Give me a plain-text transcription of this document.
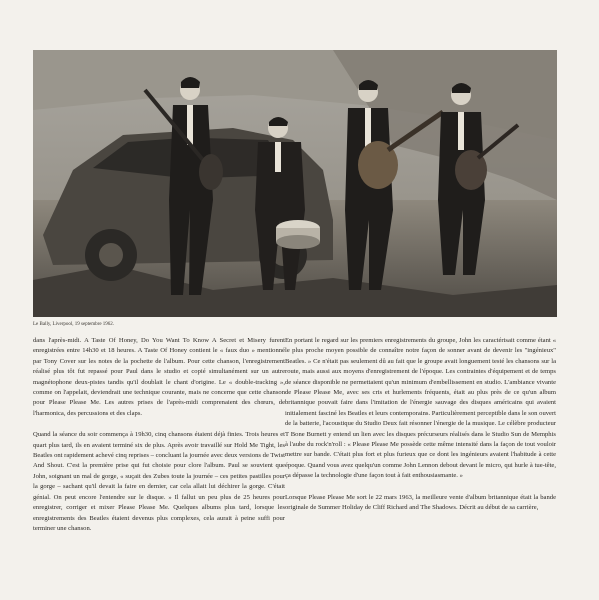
Le Bally, Liverpool, 19 septembre 1962.

dans l'après-midi. A Taste Of Honey, Do You Want To Know A Secret et Misery furent enregistrées entre 14h30 et 18 heures. A Taste Of Honey contient le « faux duo » mentionné par Tony Cover sur les notes de la pochette de l'album. Pour cette chanson, l'enregistrement réalisé plus tôt fut repassé pour Paul dans le studio et copié simultanément sur un autre magnétophone deux-pistes tandis qu'il doublait le chant d'origine. Le « double-tracking », comme on l'appelait, deviendrait une technique courante, mais ne concerne que cette chanson pour Please Please Me. Les autres prises de l'après-midi comprenaient des chœurs, de l'harmonica, des percussions et des claps.

Quand la séance du soir commença à 19h30, cinq chansons étaient déjà finies. Trois heures et quart plus tard, ils en avaient terminé six de plus. Après avoir travaillé sur Hold Me Tight, les Beatles ont rapidement achevé cinq reprises – concluant la journée avec deux versions de Twist And Shout. C'est la première prise qui fut choisie pour clore l'album. Paul se souvient que John, soignant un mal de gorge, « suçait des Zubes toute la journée – ces petites pastilles pour la gorge – sachant qu'il devait la faire en dernier, car cela allait lui déchirer la gorge. C'était génial. On peut encore l'entendre sur le disque. » Il fallut un peu plus de 25 heures pour enregistrer, corriger et mixer Please Please Me. Quelques albums plus tard, lorsque les enregistrements des Beatles étaient devenus plus complexes, cela aurait à peine suffi pour terminer une chanson.

En portant le regard sur les premiers enregistrements du groupe, John les caractérisait comme étant « le plus proche moyen possible de connaître notre façon de sonner avant de devenir les "ingénieux" Beatles. » Ce n'était pas seulement dû au fait que le groupe avait longuement testé les chansons sur la route, mais aussi aux moyens d'enregistrement de l'époque. Les contraintes d'équipement et de temps de séance disponible ne permettaient qu'un minimum d'embellissement en studio. L'ambiance vivante de Please Please Me, avec ses cris et hurlements fréquents, était au plus près de ce qu'un album britannique pouvait faire dans l'imitation de l'énergie sauvage des disques américains qui avaient initialement fasciné les Beatles et leurs contemporains. Particulièrement perceptible dans le son ouvert de la batterie, l'acoustique du Studio Deux fait résonner l'énergie de la musique. Le célèbre producteur T Bone Burnett y entend un lien avec les disques précurseurs réalisés dans le Studio Sun de Memphis à l'aube du rock'n'roll : « Please Please Me possède cette même intensité dans la façon de tout vouloir mettre sur bande. C'était plus fort et plus furieux que ce dont les ingénieurs avaient l'habitude à cette époque. Quand vous avez quelqu'un comme John Lennon debout devant le micro, qui hurle à tue-tête, ça dépasse la technologie d'une façon tout à fait enthousiasmante. »

Lorsque Please Please Me sort le 22 mars 1963, la meilleure vente d'album britannique était la bande originale de Summer Holiday de Cliff Richard and The Shadows. Décrit au début de sa carrière,
